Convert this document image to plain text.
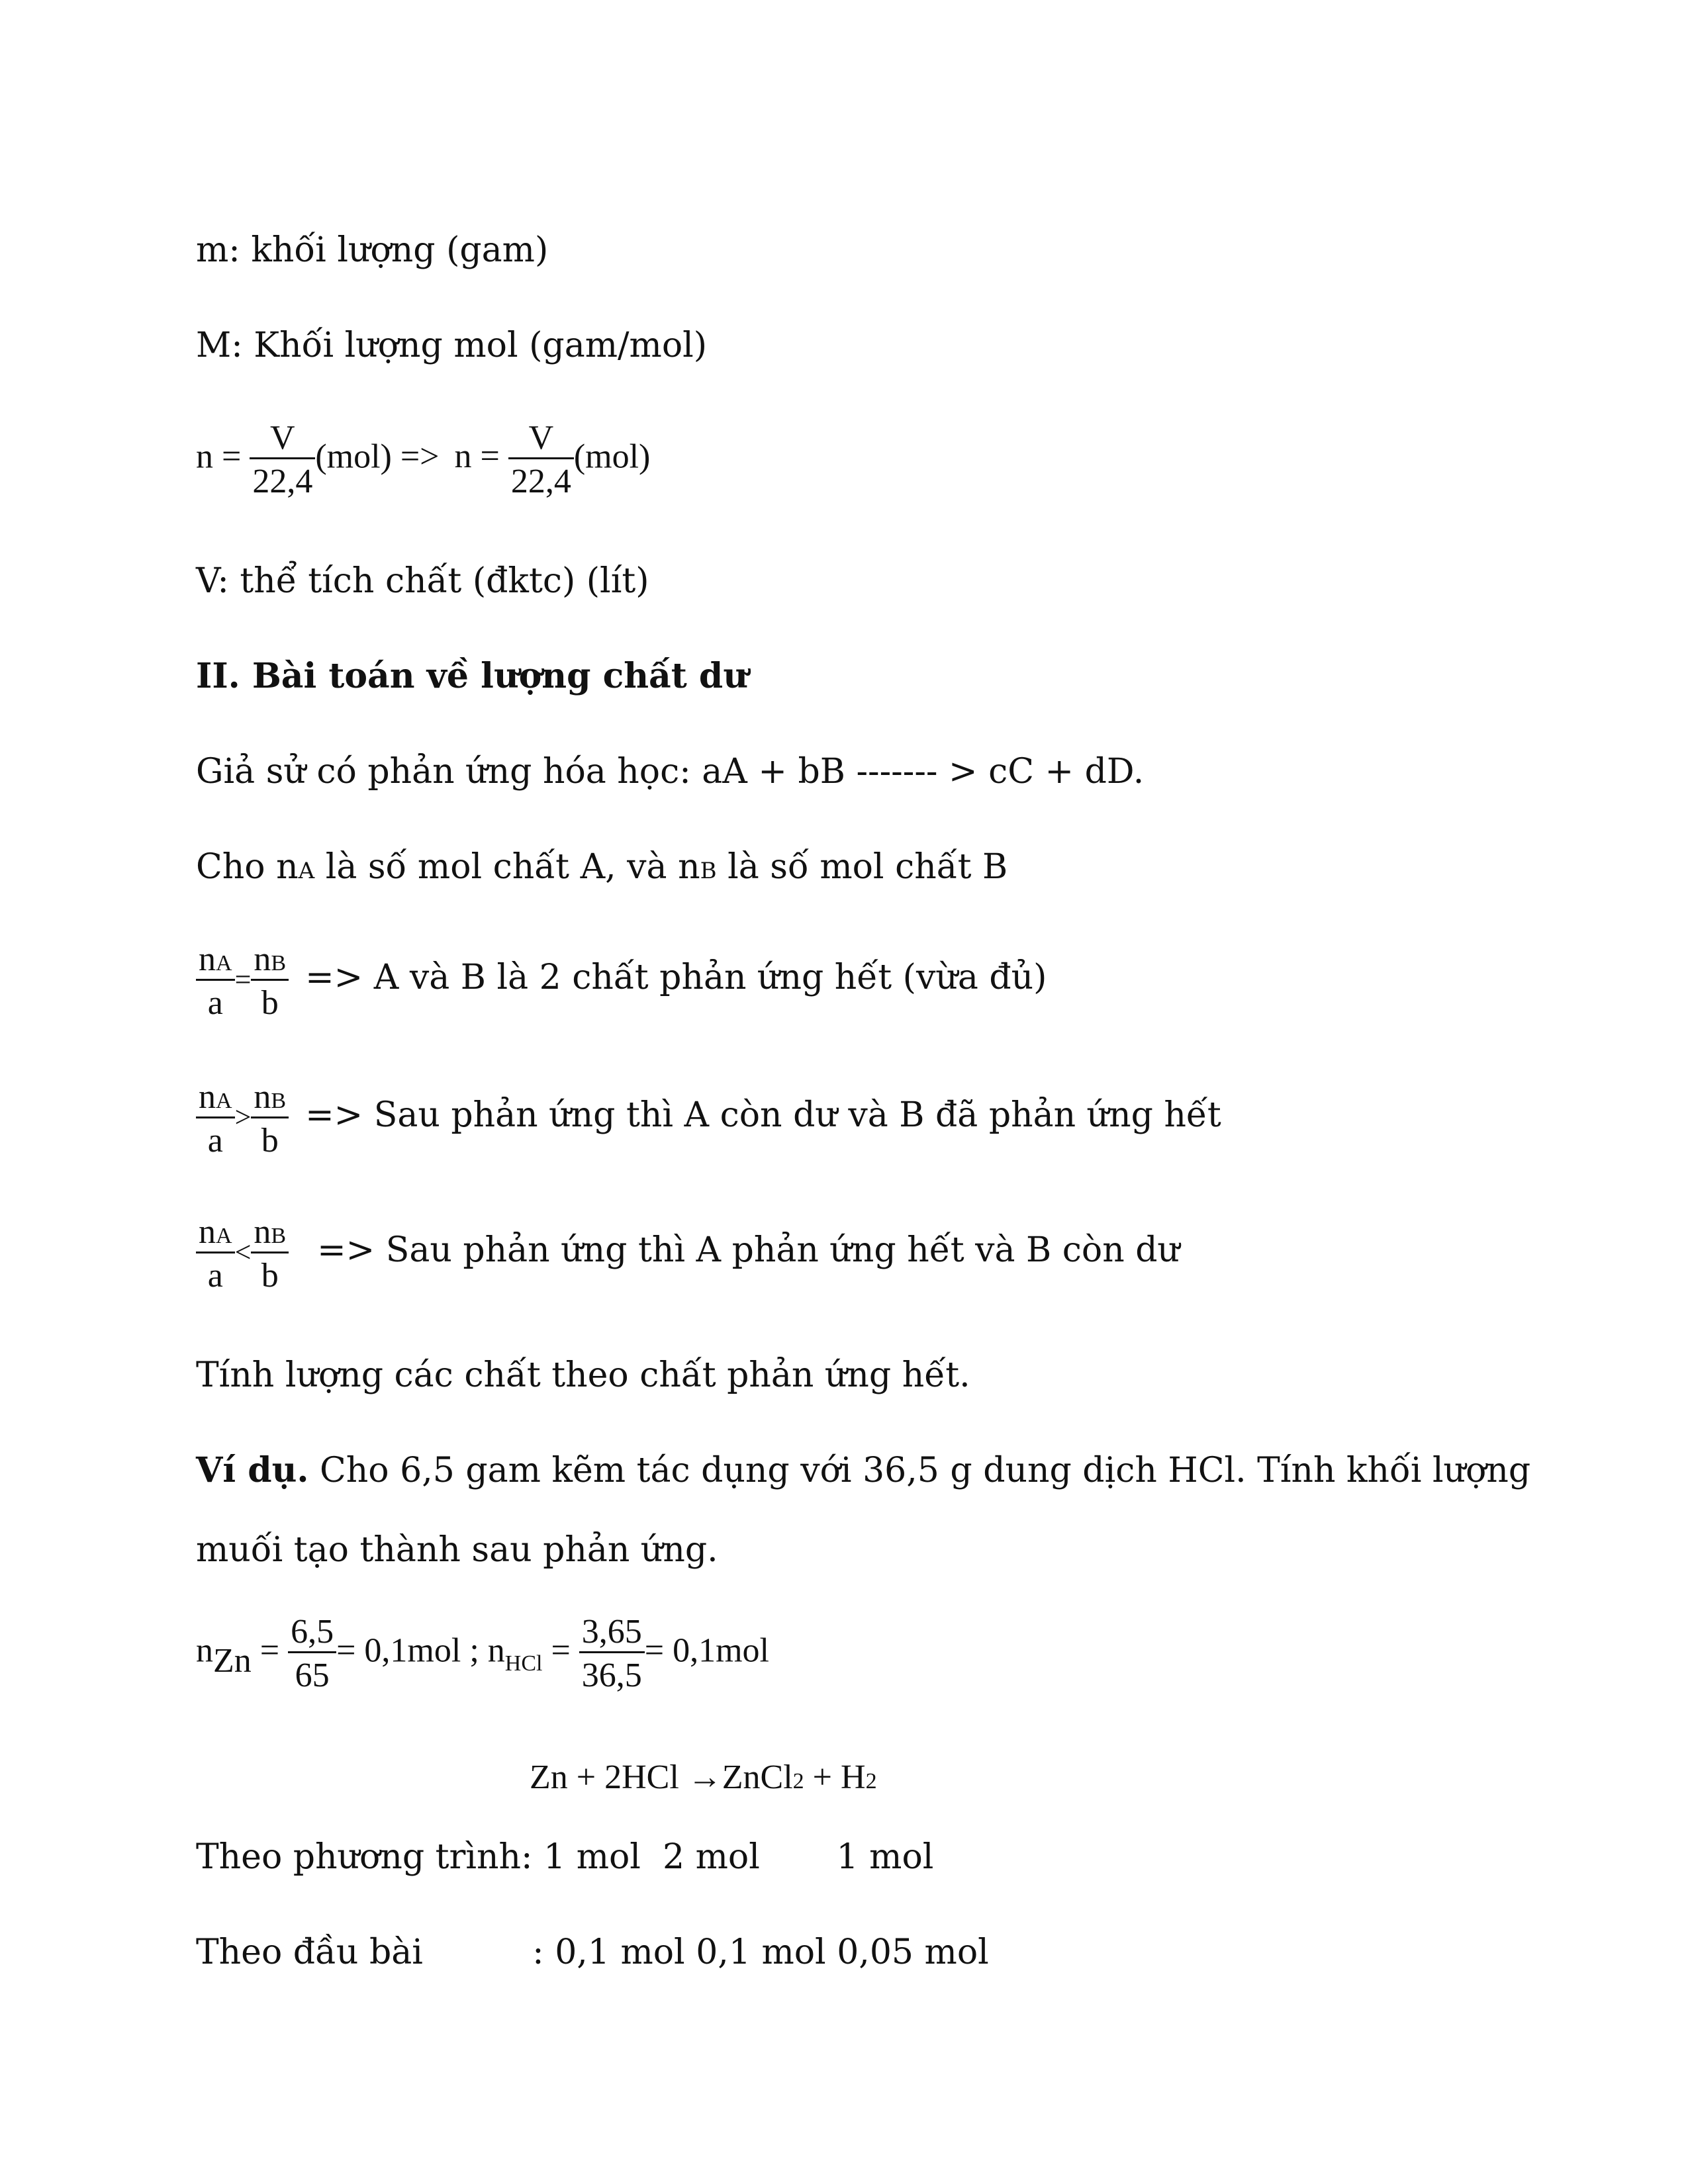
m: khối lượng (gam)
M: Khối lượng mol (gam/mol)
$n = \frac{V}{22,4} (mol) => n = \frac{V}{22,4} (mol)$
V: thể tích chất (đktc) (lít)
II. Bài toán về lượng chất dư
Giả sử có phản ứng hóa học: aA + bB ------- > cC + dD.
Cho nA là số mol chất A, và nB là số mol chất B
$\frac{nA}{a} = \frac{nB}{b} => A$ và B là 2 chất phản ứng hết (vừa đủ)
$\frac{nA}{a} > \frac{nB}{b}$ => Sau phản ứng thì A còn dư và B đã phản ứng hết
$\frac{nA}{a} < \frac{nB}{b}$ => Sau phản ứng thì A phản ứng hết và B còn dư
Tính lượng các chất theo chất phản ứng hết.
Ví dụ. Cho 6,5 gam kẽm tác dụng với 36,5 g dung dịch HCl. Tính khối lượng
muối tạo thành sau phản ứng.
nZn = $\frac{6,5}{65} = 0,1mol$ ; $n_{HCl} = \frac{3,65}{36,5} = 0,1mol$
Zn + 2HCl →ZnCl2 + H2
Theo phương trình: 1 mol  2 mol       1 mol
Theo đầu bài          : 0,1 mol 0,1 mol 0,05 mol
